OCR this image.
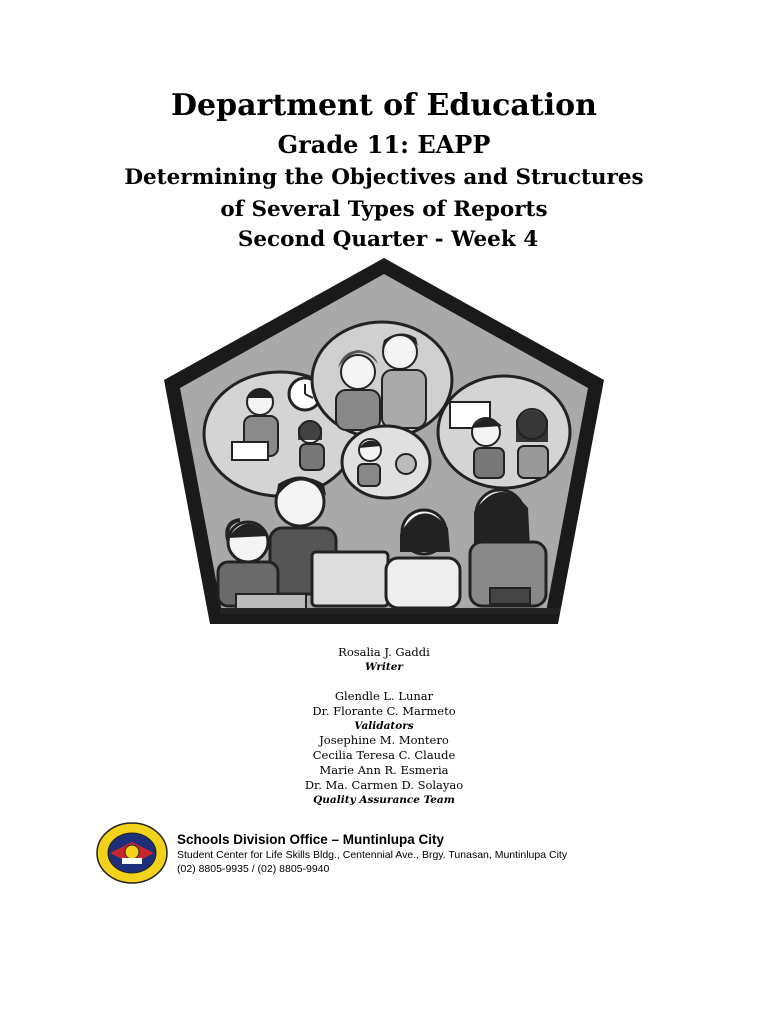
Department of Education
Grade 11: EAPP
Determining the Objectives and Structures
of Several Types of Reports
Second Quarter - Week 4
Rosalia J. Gaddi
Writer
Glendle L. Lunar
Dr. Florante C. Marmeto
Validators
Josephine M. Montero
Cecilia Teresa C. Claude
Marie Ann R. Esmeria
Dr. Ma. Carmen D. Solayao
Quality Assurance Team
Schools Division Office – Muntinlupa City
Student Center for Life Skills Bldg., Centennial Ave., Brgy. Tunasan, Muntinlupa City
(02) 8805-9935 / (02) 8805-9940
